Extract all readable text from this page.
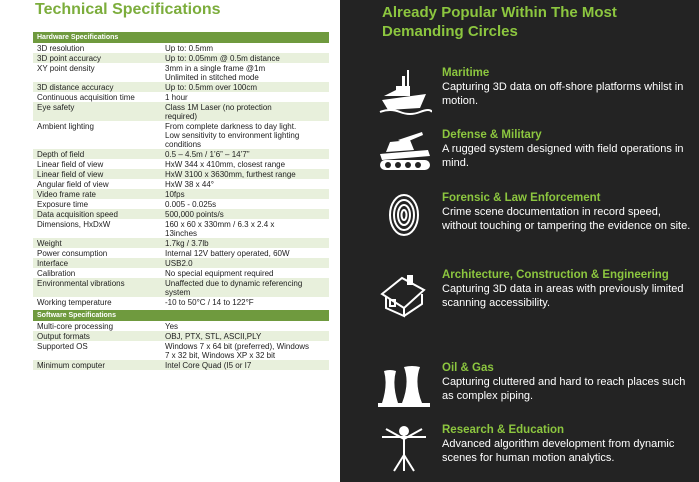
Technical Specifications
Hardware Specifications
3D resolution	Up to: 0.5mm
3D point accuracy	Up to: 0.05mm @ 0.5m distance
XY point density	3mm in a single frame @1m
Unlimited in stitched mode
3D distance accuracy	Up to: 0.5mm over 100cm
Continuous acquisition time	1 hour
Eye safety	Class 1M Laser (no protection
required)
Ambient lighting	From complete darkness to day light.
Low sensitivity to environment lighting
conditions
Depth of field	0.5 – 4.5m / 1’6” – 14’7”
Linear field of view	HxW 344 x 410mm, closest range
Linear field of view	HxW 3100 x 3630mm, furthest range
Angular field of view	HxW 38 x 44°
Video frame rate	10fps
Exposure time	0.005 - 0.025s
Data acquisition speed	500,000 points/s
Dimensions, HxDxW	160 x 60 x 330mm / 6.3 x 2.4 x
13inches
Weight	1.7kg / 3.7lb
Power consumption	Internal 12V battery operated, 60W
Interface	USB2.0
Calibration	No special equipment required
Environmental vibrations	Unaffected due to dynamic referencing
system
Working temperature	-10 to 50°C / 14 to 122°F
Software Specifications
Multi-core processing	Yes
Output formats	OBJ, PTX, STL, ASCII,PLY
Supported OS	Windows 7 x 64 bit (preferred), Windows
7 x 32 bit, Windows XP x 32 bit
Minimum computer	Intel Core Quad (I5 or I7
Already Popular Within The Most Demanding Circles
Maritime
Capturing 3D data on off-shore platforms whilst in motion.
Defense & Military
A rugged system designed with field operations in mind.
Forensic & Law Enforcement
Crime scene documentation in record speed, without touching or tampering the evidence on site.
Architecture, Construction & Engineering
Capturing 3D data in areas with previously limited scanning accessibility.
Oil & Gas
Capturing cluttered and hard to reach places such as complex piping.
Research & Education
Advanced algorithm development from dynamic scenes for human motion analytics.
